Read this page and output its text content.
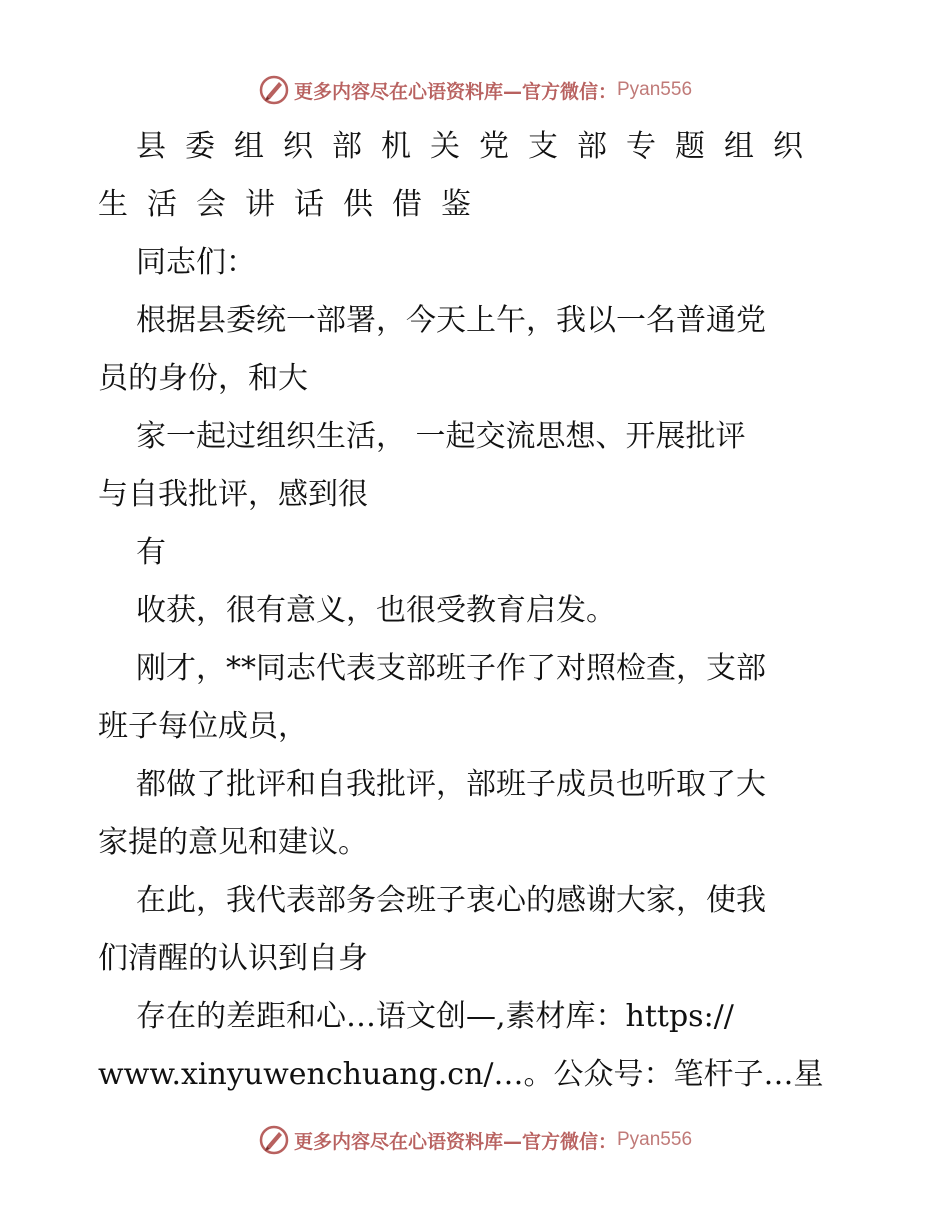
更多内容尽在心语资料库— 官方微信： Pyan556
县委组织部机关党支部专题组织
生活会讲话供借鉴
同志们：
根据县委统一部署，今天上午，我以一名普通党
员的身份，和大
家一起过组织生活， 一起交流思想、开展批评
与自我批评，感到很
有
收获，很有意义，也很受教育启发。
刚才，**同志代表支部班子作了对照检查，支部
班子每位成员，
都做了批评和自我批评，部班子成员也听取了大
家提的意见和建议。
在此，我代表部务会班子衷心的感谢大家，使我
们清醒的认识到自身
存在的差距和心…语文创—,素材库：https://
www.xinyuwenchuang.cn/…。公众号：笔杆子…星
更多内容尽在心语资料库— 官方微信： Pyan556
